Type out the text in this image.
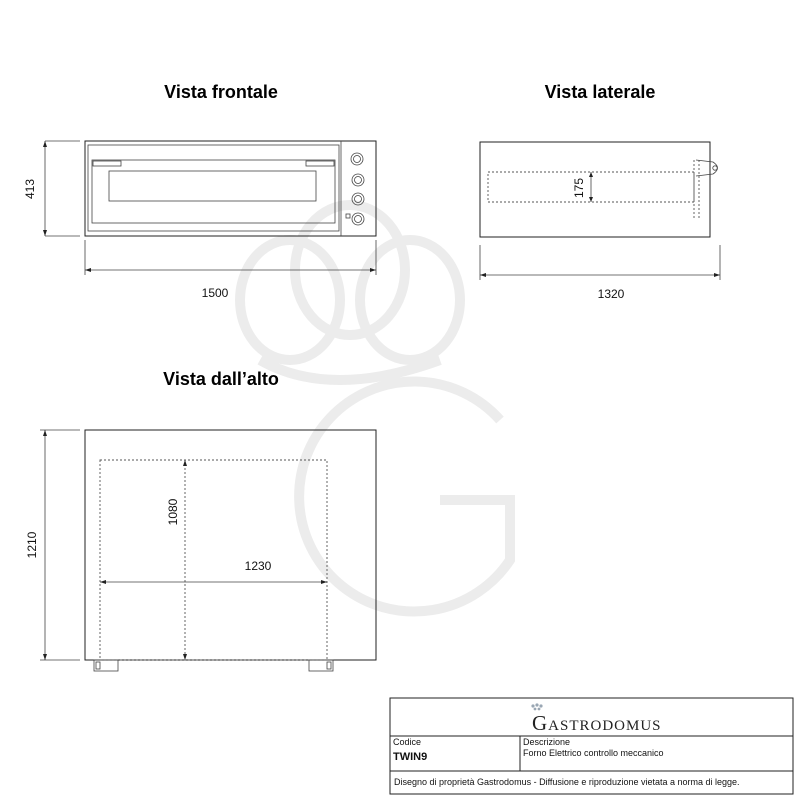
Vista frontale
413
1500
Vista laterale
175
1320
Vista dall’alto
1210
1080
1230
GASTRODOMUS
Codice
TWIN9
Descrizione
Forno Elettrico controllo meccanico
Disegno di proprietà Gastrodomus - Diffusione e riproduzione vietata a norma di legge.
